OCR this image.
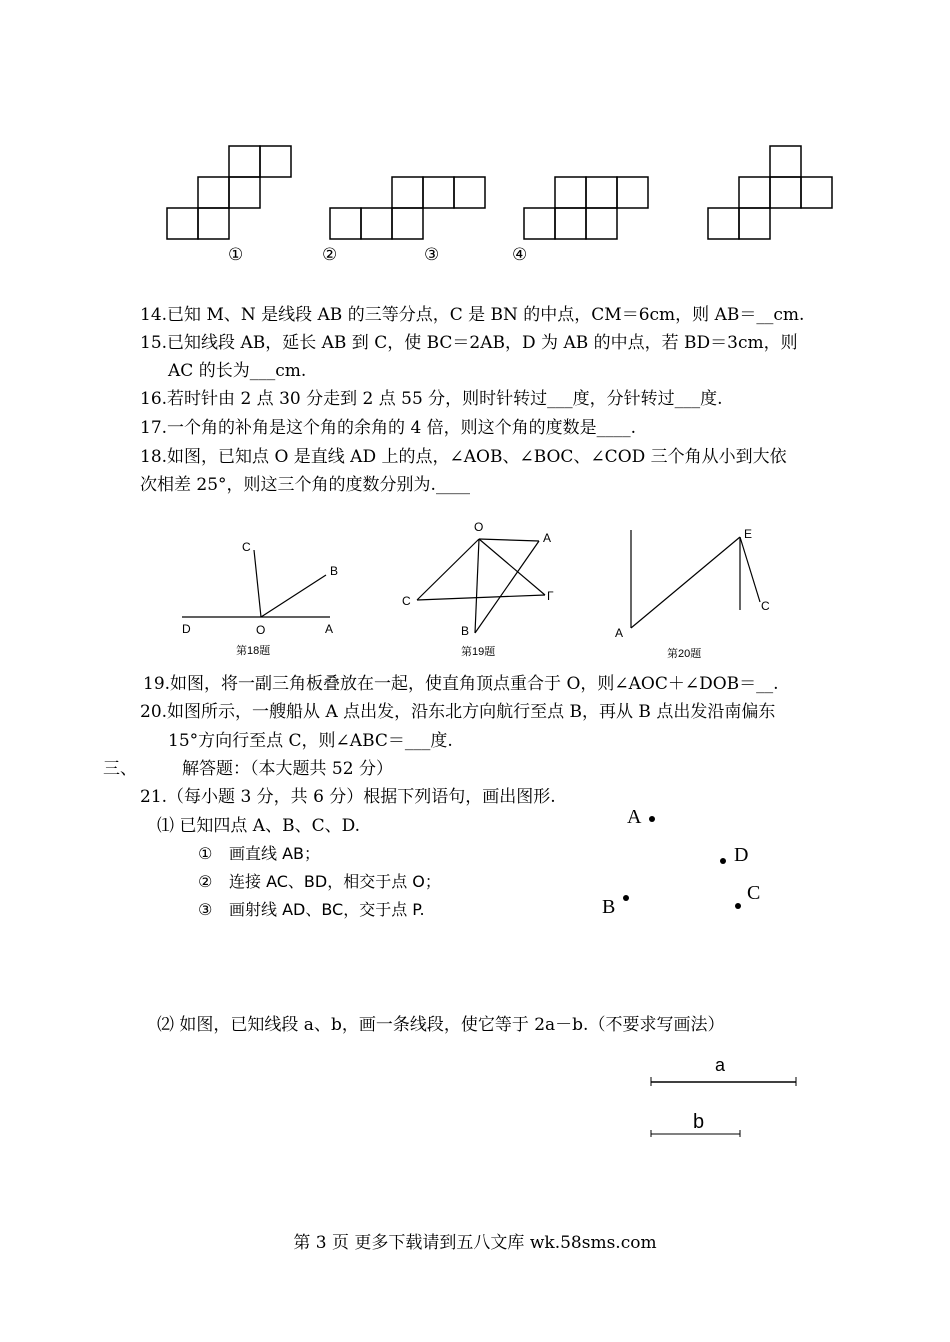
①	②	③	④
14.已知 M、N 是线段 AB 的三等分点，C 是 BN 的中点，CM＝6cm，则 AB＝__cm.
15.已知线段 AB，延长 AB 到 C，使 BC＝2AB，D 为 AB 的中点，若 BD＝3cm，则
AC 的长为___cm.
16.若时针由 2 点 30 分走到 2 点 55 分，则时针转过___度，分针转过___度.
17.一个角的补角是这个角的余角的 4 倍，则这个角的度数是____.
18.如图，已知点 O 是直线 AD 上的点，∠AOB、∠BOC、∠COD 三个角从小到大依
次相差 25°，则这三个角的度数分别为.____
C
B
D	O	A
第18题
O
A
C	Γ
B
第19题
E
C
A
第20题
19.如图，将一副三角板叠放在一起，使直角顶点重合于 O，则∠AOC＋∠DOB＝__.
20.如图所示，一艘船从 A 点出发，沿东北方向航行至点 B，再从 B 点出发沿南偏东
15°方向行至点 C，则∠ABC＝___度.
三、	解答题：（本大题共 52 分）
21.（每小题 3 分，共 6 分）根据下列语句，画出图形.
⑴ 已知四点 A、B、C、D.
① 画直线 AB；
② 连接 AC、BD，相交于点 O；
③ 画射线 AD、BC，交于点 P.
A
D
B
C
⑵ 如图，已知线段 a、b，画一条线段，使它等于 2a－b.（不要求写画法）
a
b
第 3 页 更多下载请到五八文库 wk.58sms.com
